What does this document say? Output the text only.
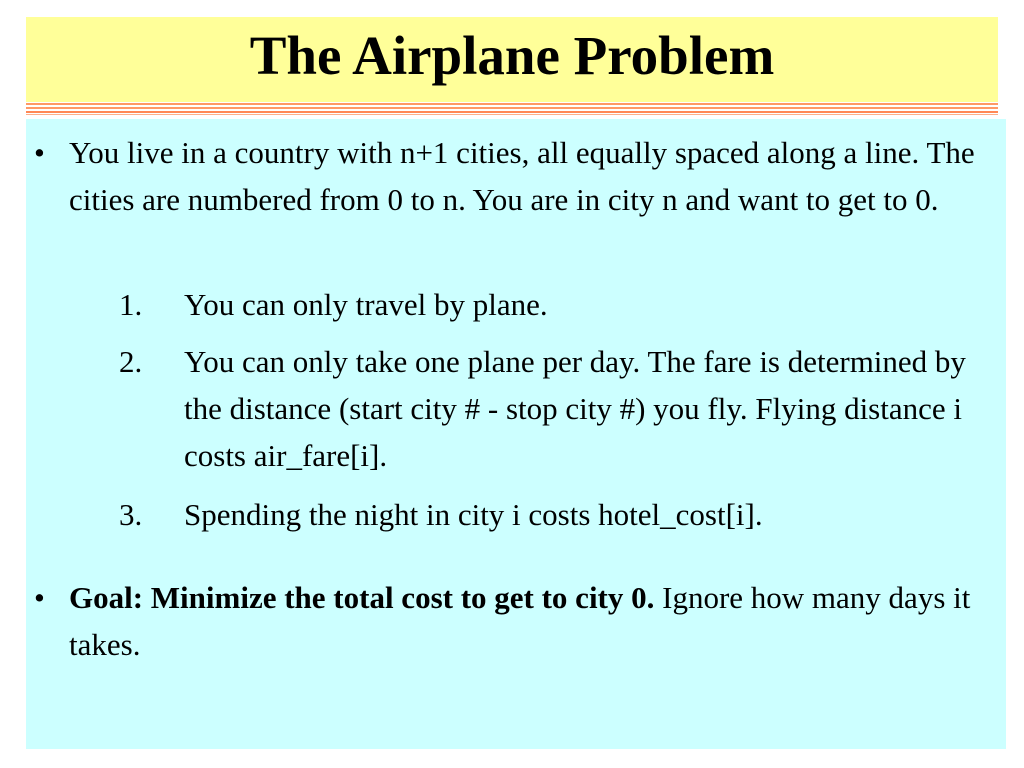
The Airplane Problem
• You live in a country with n+1 cities, all equally spaced along a line. The cities are numbered from 0 to n. You are in city n and want to get to 0.
1. You can only travel by plane.
2. You can only take one plane per day. The fare is determined by the distance (start city # - stop city #) you fly. Flying distance i costs air_fare[i].
3. Spending the night in city i costs hotel_cost[i].
• Goal: Minimize the total cost to get to city 0. Ignore how many days it takes.
